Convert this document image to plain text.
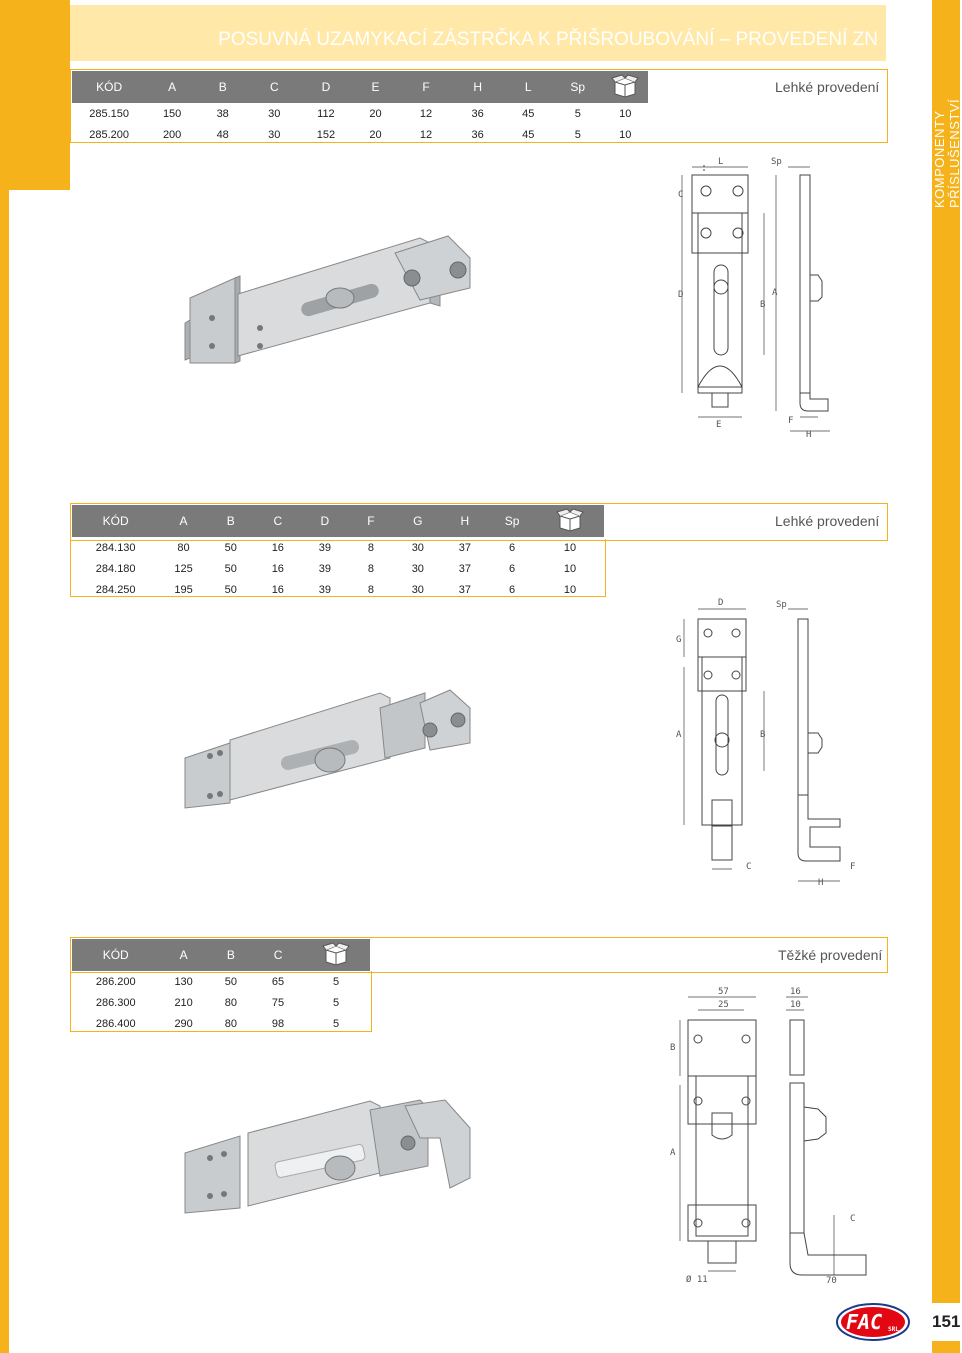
KOMPONENTY PŘÍSLUŠENSTVÍ
POSUVNÁ UZAMYKACÍ ZÁSTRČKA K PŘIŠROUBOVÁNÍ – PROVEDENÍ ZN
KÓD	A	B	C	D	E	F	H	L	Sp	
285.150	150	38	30	112	20	12	36	45	5	10
285.200	200	48	30	152	20	12	36	45	5	10
Lehké provedení
L	Sp
C
D	A
B
E	F
H
KÓD	A	B	C	D	F	G	H	Sp	
284.130	80	50	16	39	8	30	37	6	10
284.180	125	50	16	39	8	30	37	6	10
284.250	195	50	16	39	8	30	37	6	10
Lehké provedení
D	Sp
G
A	B
C	F
H
KÓD	A	B	C	
286.200	130	50	65	5
286.300	210	80	75	5
286.400	290	80	98	5
Těžké provedení
57
25
16
10
B
A
C
Ø 11	70
FAC SRL 151
